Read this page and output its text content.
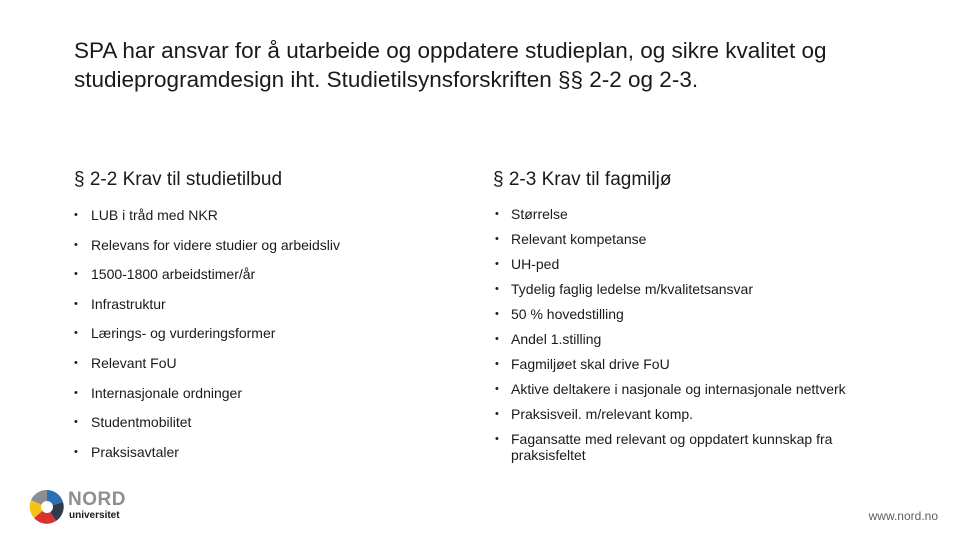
SPA har ansvar for å utarbeide og oppdatere studieplan, og sikre kvalitet og studieprogramdesign iht. Studietilsynsforskriften §§ 2-2 og 2-3.
§ 2-2 Krav til studietilbud
• LUB i tråd med NKR
• Relevans for videre studier og arbeidsliv
• 1500-1800 arbeidstimer/år
• Infrastruktur
• Lærings- og vurderingsformer
• Relevant FoU
• Internasjonale ordninger
• Studentmobilitet
• Praksisavtaler
§ 2-3 Krav til fagmiljø
• Størrelse
• Relevant kompetanse
• UH-ped
• Tydelig faglig ledelse m/kvalitetsansvar
• 50 % hovedstilling
• Andel 1.stilling
• Fagmiljøet skal drive FoU
• Aktive deltakere i nasjonale og internasjonale nettverk
• Praksisveil. m/relevant komp.
• Fagansatte med relevant og oppdatert kunnskap fra praksisfeltet
NORD
universitet	www.nord.no
